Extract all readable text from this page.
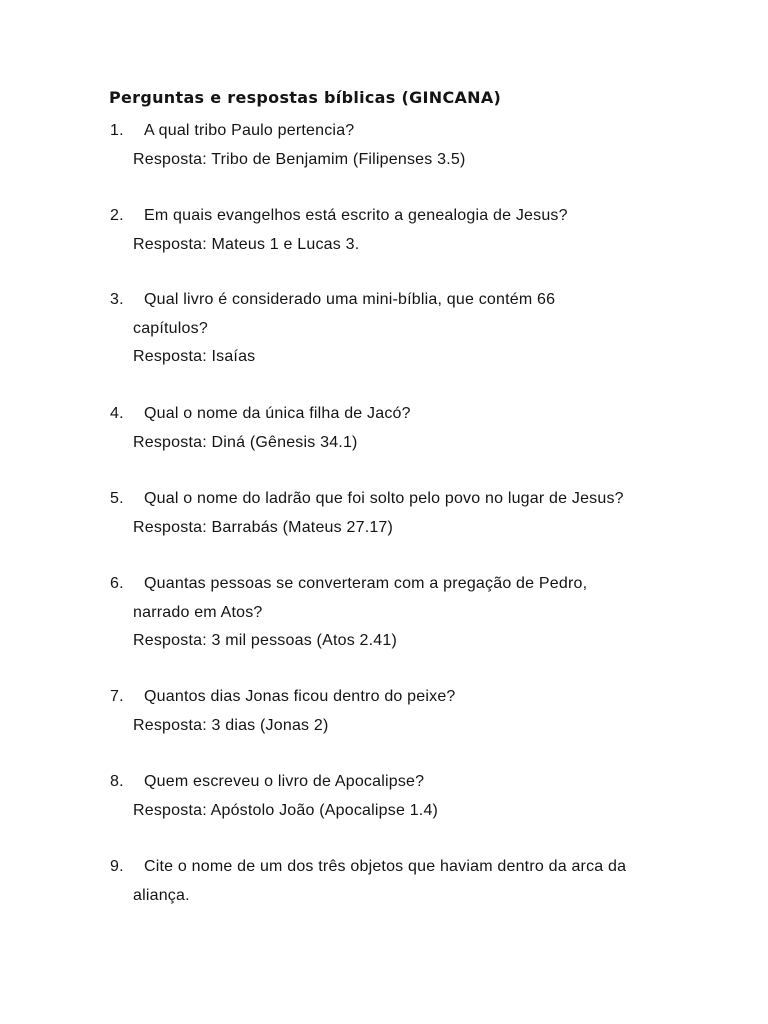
Perguntas e respostas bíblicas (GINCANA)
1. A qual tribo Paulo pertencia?
Resposta: Tribo de Benjamim (Filipenses 3.5)
2. Em quais evangelhos está escrito a genealogia de Jesus?
Resposta: Mateus 1 e Lucas 3.
3. Qual livro é considerado uma mini-bíblia, que contém 66
capítulos?
Resposta: Isaías
4. Qual o nome da única filha de Jacó?
Resposta: Diná (Gênesis 34.1)
5. Qual o nome do ladrão que foi solto pelo povo no lugar de Jesus?
Resposta: Barrabás (Mateus 27.17)
6. Quantas pessoas se converteram com a pregação de Pedro,
narrado em Atos?
Resposta: 3 mil pessoas (Atos 2.41)
7. Quantos dias Jonas ficou dentro do peixe?
Resposta: 3 dias (Jonas 2)
8. Quem escreveu o livro de Apocalipse?
Resposta: Apóstolo João (Apocalipse 1.4)
9. Cite o nome de um dos três objetos que haviam dentro da arca da
aliança.
